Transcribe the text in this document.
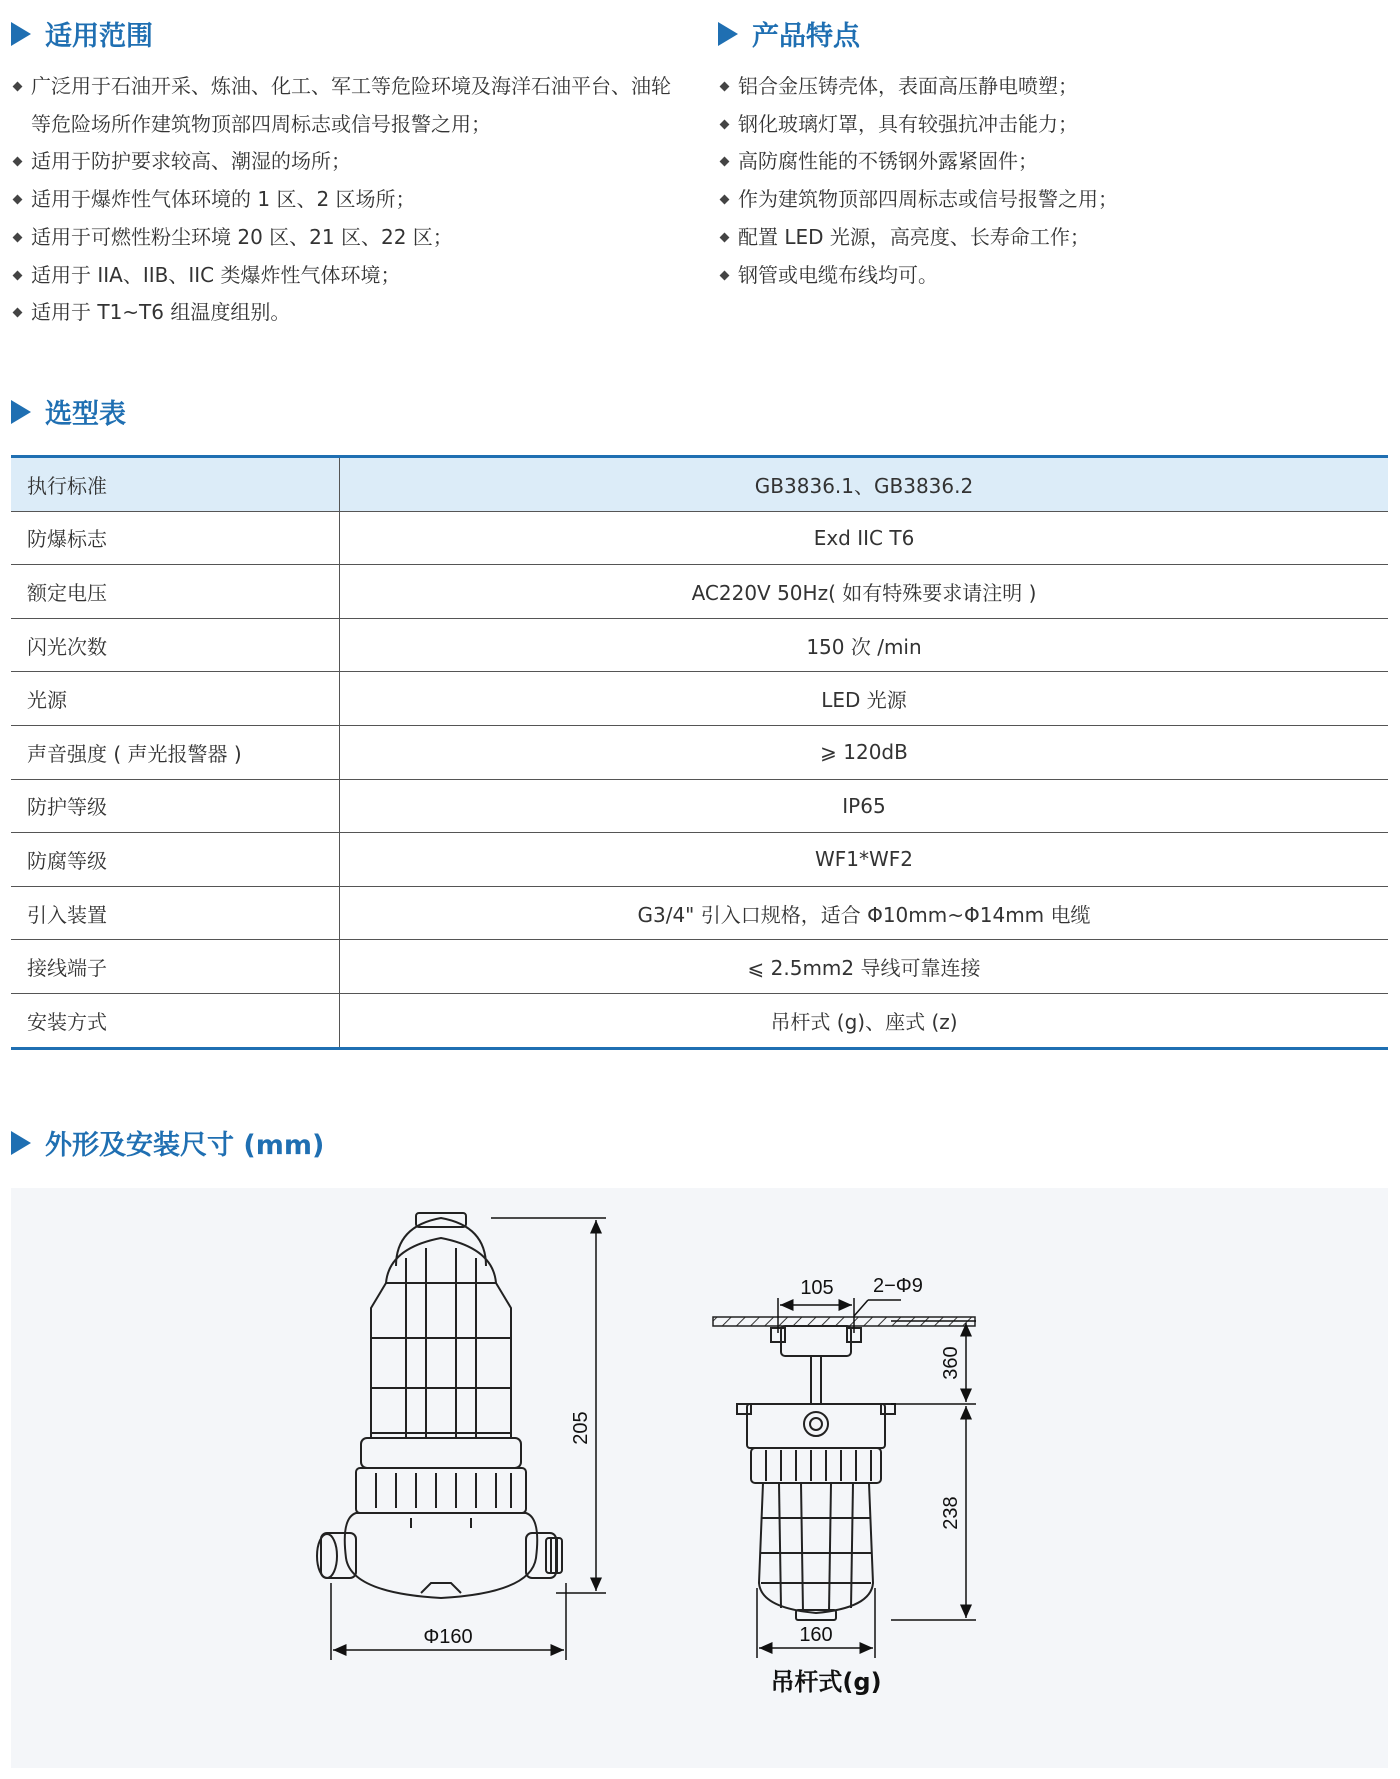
适用范围
广泛用于石油开采、炼油、化工、军工等危险环境及海洋石油平台、油轮等危险场所作建筑物顶部四周标志或信号报警之用；
适用于防护要求较高、潮湿的场所；
适用于爆炸性气体环境的 1 区、2 区场所；
适用于可燃性粉尘环境 20 区、21 区、22 区；
适用于 IIA、IIB、IIC 类爆炸性气体环境；
适用于 T1~T6 组温度组别。
产品特点
铝合金压铸壳体，表面高压静电喷塑；
钢化玻璃灯罩，具有较强抗冲击能力；
高防腐性能的不锈钢外露紧固件；
作为建筑物顶部四周标志或信号报警之用；
配置 LED 光源，高亮度、长寿命工作；
钢管或电缆布线均可。
选型表
执行标准	GB3836.1、GB3836.2
防爆标志	Exd IIC T6
额定电压	AC220V 50Hz( 如有特殊要求请注明 )
闪光次数	150 次 /min
光源	LED 光源
声音强度 ( 声光报警器 )	⩾ 120dB
防护等级	IP65
防腐等级	WF1*WF2
引入装置	G3/4" 引入口规格，适合 Φ10mm~Φ14mm 电缆
接线端子	⩽ 2.5mm2 导线可靠连接
安装方式	吊杆式 (g)、座式 (z)
外形及安装尺寸 (mm)
205
Φ160
105 2−Φ9
360
238
160
吊杆式(g)
